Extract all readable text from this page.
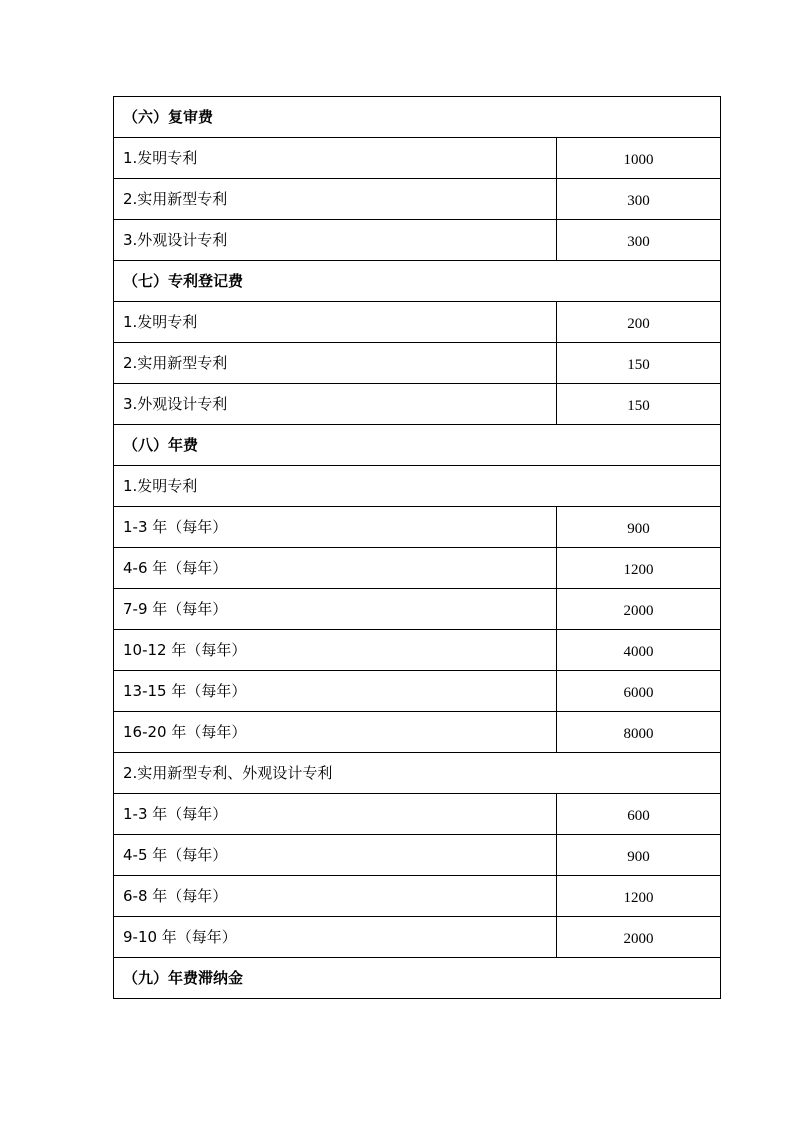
（六）复审费	
1.发明专利	1000
2.实用新型专利	300
3.外观设计专利	300
（七）专利登记费	
1.发明专利	200
2.实用新型专利	150
3.外观设计专利	150
（八）年费	
1.发明专利	
1-3 年（每年）	900
4-6 年（每年）	1200
7-9 年（每年）	2000
10-12 年（每年）	4000
13-15 年（每年）	6000
16-20 年（每年）	8000
2.实用新型专利、外观设计专利	
1-3 年（每年）	600
4-5 年（每年）	900
6-8 年（每年）	1200
9-10 年（每年）	2000
（九）年费滞纳金	
